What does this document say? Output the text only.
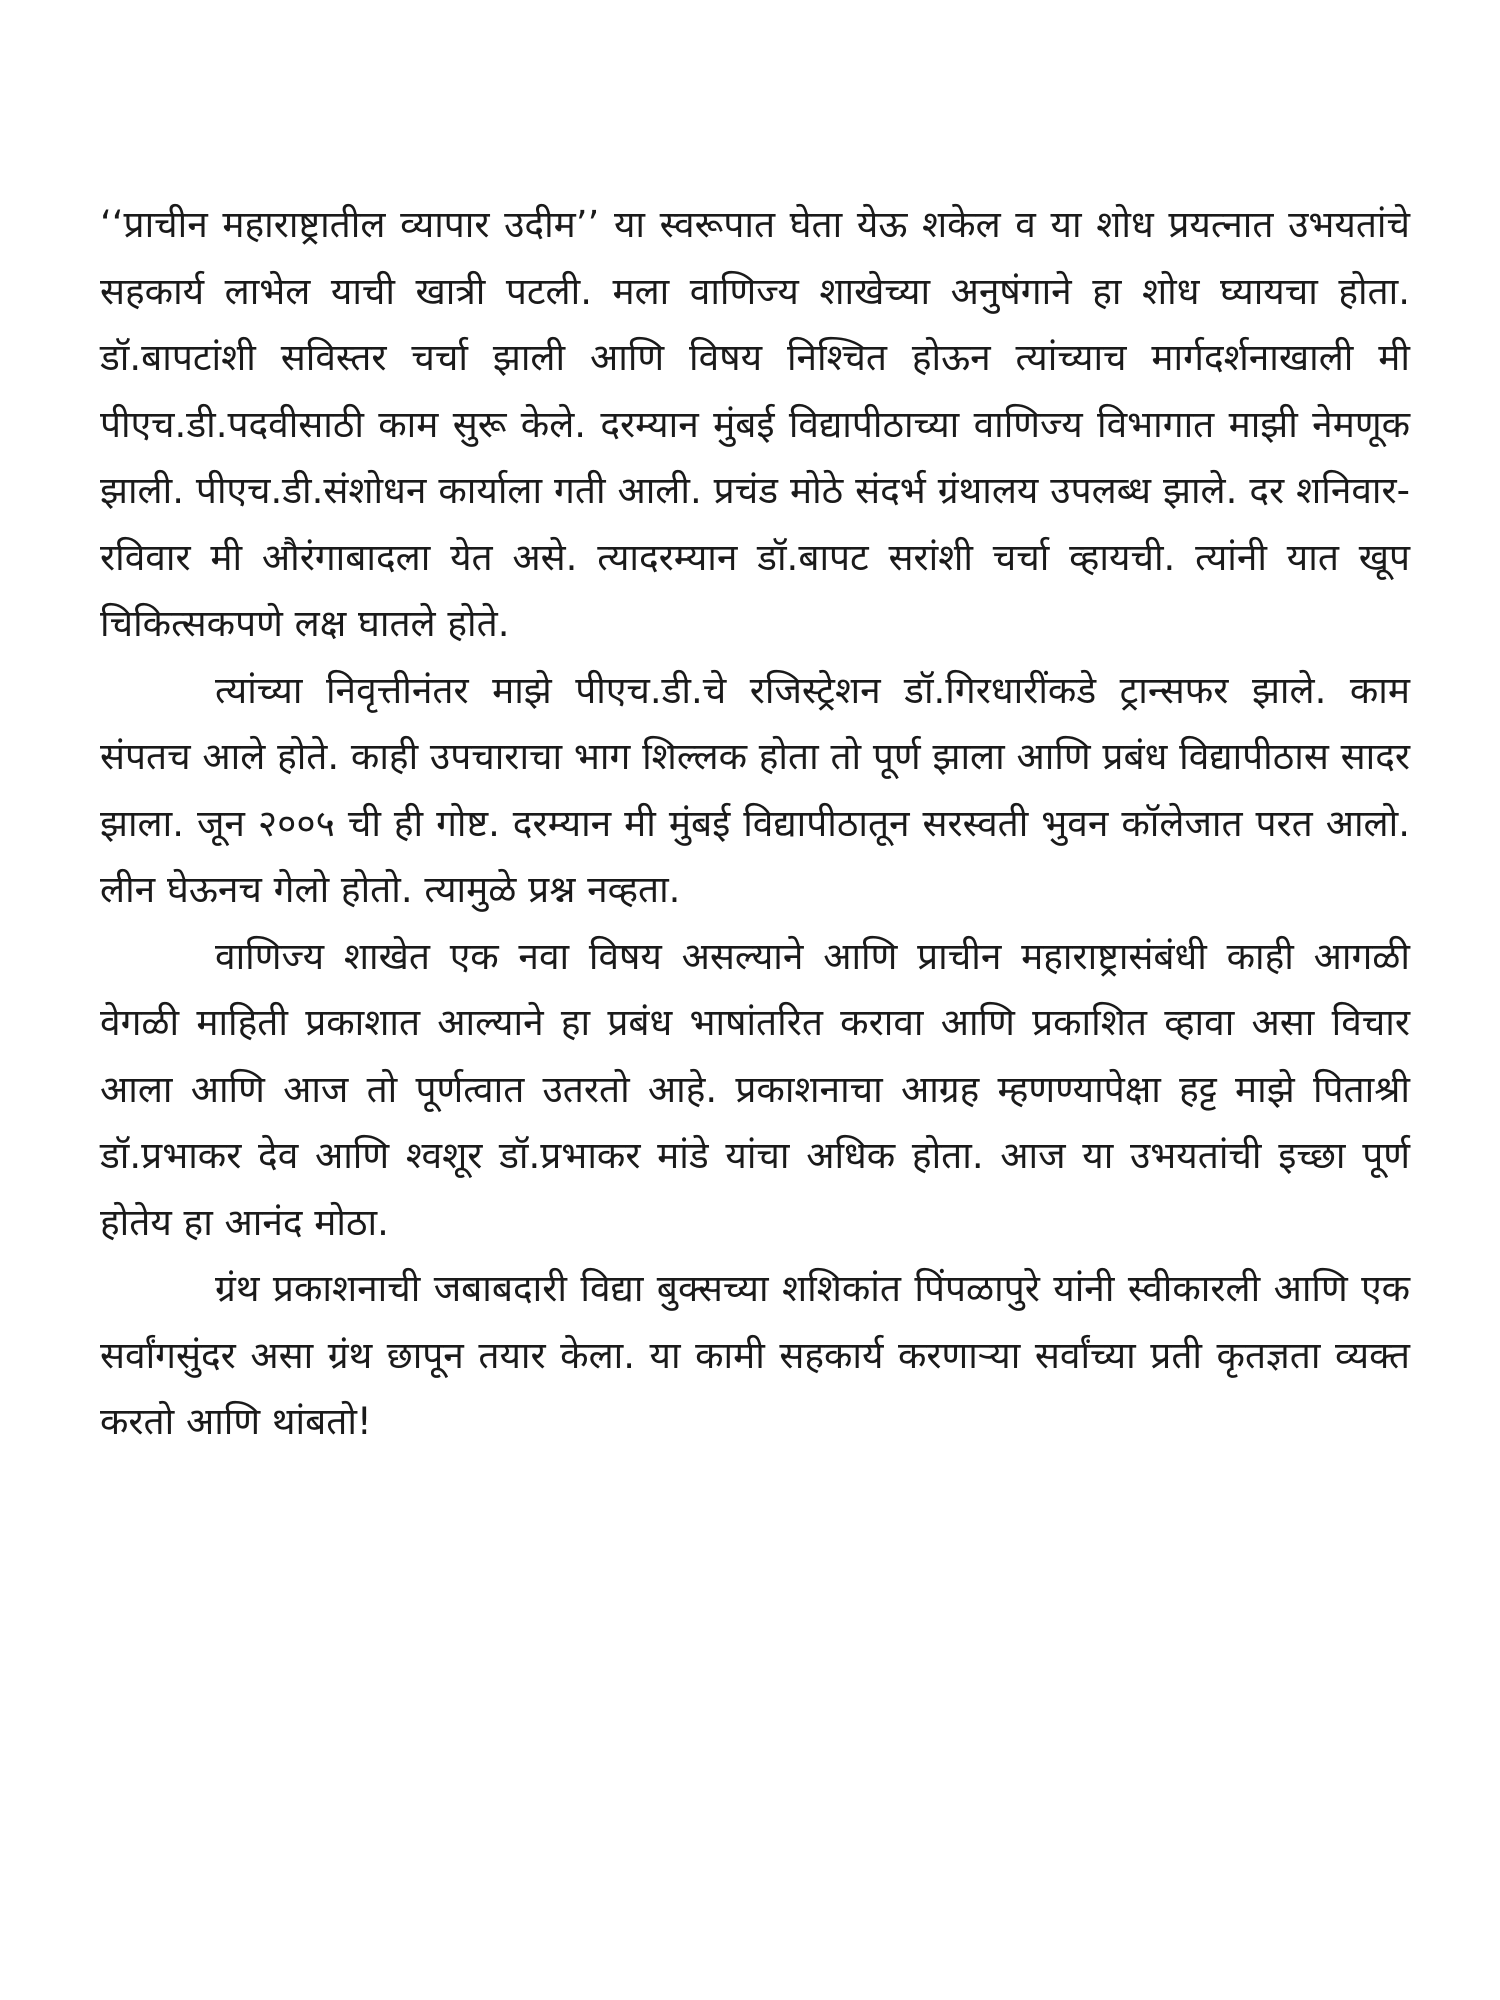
‘‘प्राचीन महाराष्ट्रातील व्यापार उदीम’’ या स्वरूपात घेता येऊ शकेल व या शोध प्रयत्नात उभयतांचे सहकार्य लाभेल याची खात्री पटली. मला वाणिज्य शाखेच्या अनुषंगाने हा शोध घ्यायचा होता. डॉ.बापटांशी सविस्तर चर्चा झाली आणि विषय निश्चित होऊन त्यांच्याच मार्गदर्शनाखाली मी पीएच.डी.पदवीसाठी काम सुरू केले. दरम्यान मुंबई विद्यापीठाच्या वाणिज्य विभागात माझी नेमणूक झाली. पीएच.डी.संशोधन कार्याला गती आली. प्रचंड मोठे संदर्भ ग्रंथालय उपलब्ध झाले. दर शनिवार-रविवार मी औरंगाबादला येत असे. त्यादरम्यान डॉ.बापट सरांशी चर्चा व्हायची. त्यांनी यात खूप चिकित्सकपणे लक्ष घातले होते.

त्यांच्या निवृत्तीनंतर माझे पीएच.डी.चे रजिस्ट्रेशन डॉ.गिरधारींकडे ट्रान्सफर झाले. काम संपतच आले होते. काही उपचाराचा भाग शिल्लक होता तो पूर्ण झाला आणि प्रबंध विद्यापीठास सादर झाला. जून २००५ ची ही गोष्ट. दरम्यान मी मुंबई विद्यापीठातून सरस्वती भुवन कॉलेजात परत आलो. लीन घेऊनच गेलो होतो. त्यामुळे प्रश्न नव्हता.

वाणिज्य शाखेत एक नवा विषय असल्याने आणि प्राचीन महाराष्ट्रासंबंधी काही आगळी वेगळी माहिती प्रकाशात आल्याने हा प्रबंध भाषांतरित करावा आणि प्रकाशित व्हावा असा विचार आला आणि आज तो पूर्णत्वात उतरतो आहे. प्रकाशनाचा आग्रह म्हणण्यापेक्षा हट्ट माझे पिताश्री डॉ.प्रभाकर देव आणि श्वशूर डॉ.प्रभाकर मांडे यांचा अधिक होता. आज या उभयतांची इच्छा पूर्ण होतेय हा आनंद मोठा.

ग्रंथ प्रकाशनाची जबाबदारी विद्या बुक्सच्या शशिकांत पिंपळापुरे यांनी स्वीकारली आणि एक सर्वांगसुंदर असा ग्रंथ छापून तयार केला. या कामी सहकार्य करणाऱ्या सर्वांच्या प्रती कृतज्ञता व्यक्त करतो आणि थांबतो!
